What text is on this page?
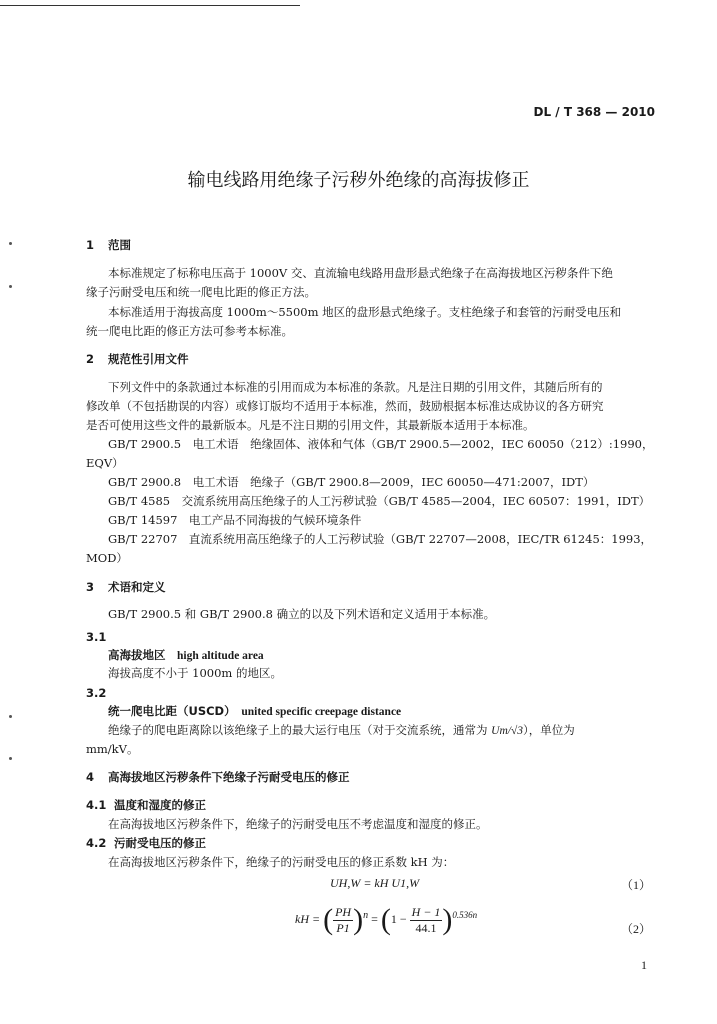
DL / T 368 — 2010
输电线路用绝缘子污秽外绝缘的高海拔修正
1 范围
本标准规定了标称电压高于 1000V 交、直流输电线路用盘形悬式绝缘子在高海拔地区污秽条件下绝
缘子污耐受电压和统一爬电比距的修正方法。
本标准适用于海拔高度 1000m～5500m 地区的盘形悬式绝缘子。支柱绝缘子和套管的污耐受电压和
统一爬电比距的修正方法可参考本标准。
2 规范性引用文件
下列文件中的条款通过本标准的引用而成为本标准的条款。凡是注日期的引用文件，其随后所有的
修改单（不包括勘误的内容）或修订版均不适用于本标准，然而，鼓励根据本标准达成协议的各方研究
是否可使用这些文件的最新版本。凡是不注日期的引用文件，其最新版本适用于本标准。
GB/T 2900.5　电工术语　绝缘固体、液体和气体（GB/T 2900.5—2002，IEC 60050（212）:1990，
EQV）
GB/T 2900.8　电工术语　绝缘子（GB/T 2900.8—2009，IEC 60050—471:2007，IDT）
GB/T 4585　交流系统用高压绝缘子的人工污秽试验（GB/T 4585—2004，IEC 60507：1991，IDT）
GB/T 14597　电工产品不同海拔的气候环境条件
GB/T 22707　直流系统用高压绝缘子的人工污秽试验（GB/T 22707—2008，IEC/TR 61245：1993，
MOD）
3 术语和定义
GB/T 2900.5 和 GB/T 2900.8 确立的以及下列术语和定义适用于本标准。
3.1
高海拔地区　 high altitude area
海拔高度不小于 1000m 的地区。
3.2
统一爬电比距（USCD）　 united specific creepage distance
绝缘子的爬电距离除以该绝缘子上的最大运行电压（对于交流系统，通常为 Um/√3），单位为
mm/kV。
4 高海拔地区污秽条件下绝缘子污耐受电压的修正
4.1 温度和湿度的修正
在高海拔地区污秽条件下，绝缘子的污耐受电压不考虑温度和湿度的修正。
4.2 污耐受电压的修正
在高海拔地区污秽条件下，绝缘子的污耐受电压的修正系数 kH 为：
UH,W = kH U1,W	（1）
kH = ( $\frac{PH}{P1} )^n = (1 - \frac{H - 1}{44.1} )^{0.536n}$
（2）
1
